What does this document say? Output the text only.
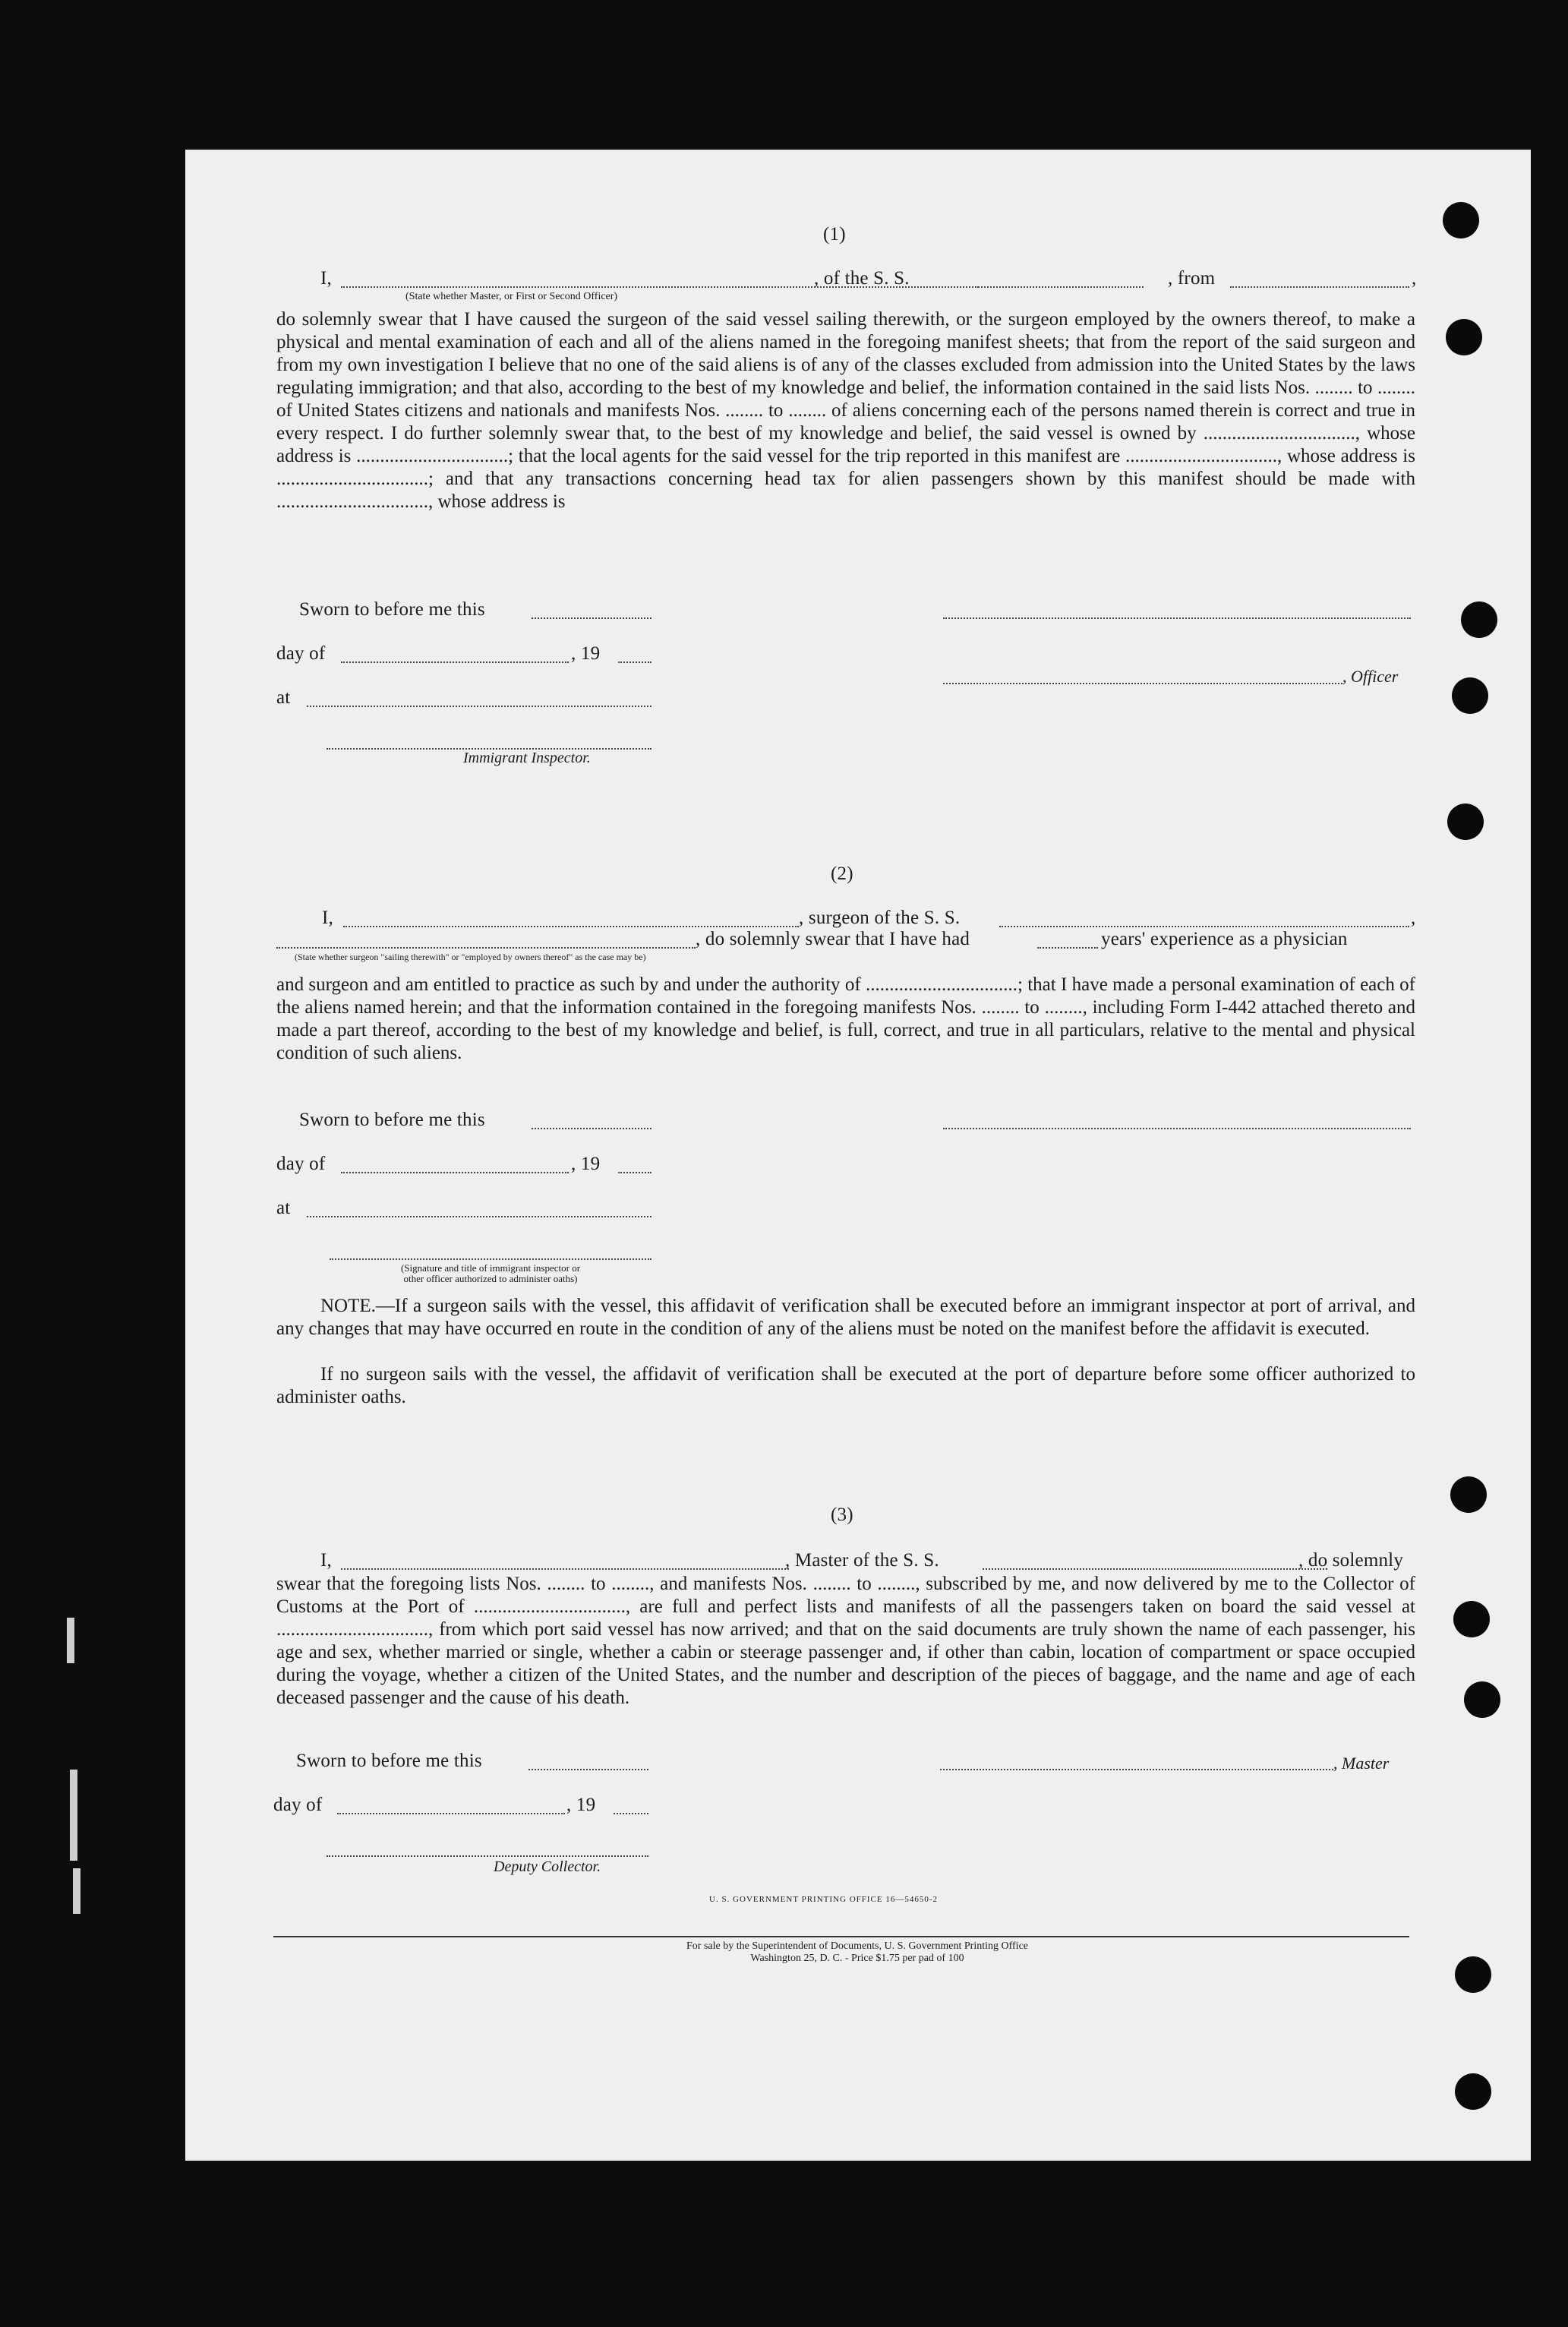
(1)
I,
(State whether Master, or First or Second Officer)
, of the S. S.	, from	,
do solemnly swear that I have caused the surgeon of the said vessel sailing therewith, or the surgeon employed by the owners thereof, to make a physical and mental examination of each and all of the aliens named in the foregoing manifest sheets; that from the report of the said surgeon and from my own investigation I believe that no one of the said aliens is of any of the classes excluded from admission into the United States by the laws regulating immigration; and that also, according to the best of my knowledge and belief, the information contained in the said lists Nos. ........ to ........ of United States citizens and nationals and manifests Nos. ........ to ........ of aliens concerning each of the persons named therein is correct and true in every respect. I do further solemnly swear that, to the best of my knowledge and belief, the said vessel is owned by ................................, whose address is ................................; that the local agents for the said vessel for the trip reported in this manifest are ................................, whose address is ................................; and that any transactions concerning head tax for alien passengers shown by this manifest should be made with ................................, whose address is
Sworn to before me this
day of	, 19
, Officer
at
Immigrant Inspector.
(2)
I,	, surgeon of the S. S.	,
(State whether surgeon "sailing therewith" or "employed by owners thereof" as the case may be)
, do solemnly swear that I have had	years' experience as a physician
and surgeon and am entitled to practice as such by and under the authority of ................................; that I have made a personal examination of each of the aliens named herein; and that the information contained in the foregoing manifests Nos. ........ to ........, including Form I-442 attached thereto and made a part thereof, according to the best of my knowledge and belief, is full, correct, and true in all particulars, relative to the mental and physical condition of such aliens.
Sworn to before me this
day of	, 19
at
(Signature and title of immigrant inspector or
other officer authorized to administer oaths)
NOTE.—If a surgeon sails with the vessel, this affidavit of verification shall be executed before an immigrant inspector at port of arrival, and any changes that may have occurred en route in the condition of any of the aliens must be noted on the manifest before the affidavit is executed.
If no surgeon sails with the vessel, the affidavit of verification shall be executed at the port of departure before some officer authorized to administer oaths.
(3)
I,	, Master of the S. S.	, do solemnly
swear that the foregoing lists Nos. ........ to ........, and manifests Nos. ........ to ........, subscribed by me, and now delivered by me to the Collector of Customs at the Port of ................................, are full and perfect lists and manifests of all the passengers taken on board the said vessel at ................................, from which port said vessel has now arrived; and that on the said documents are truly shown the name of each passenger, his age and sex, whether married or single, whether a cabin or steerage passenger and, if other than cabin, location of compartment or space occupied during the voyage, whether a citizen of the United States, and the number and description of the pieces of baggage, and the name and age of each deceased passenger and the cause of his death.
Sworn to before me this	, Master
day of	, 19
Deputy Collector.
U. S. GOVERNMENT PRINTING OFFICE 16—54650-2
For sale by the Superintendent of Documents, U. S. Government Printing Office
Washington 25, D. C. - Price $1.75 per pad of 100
